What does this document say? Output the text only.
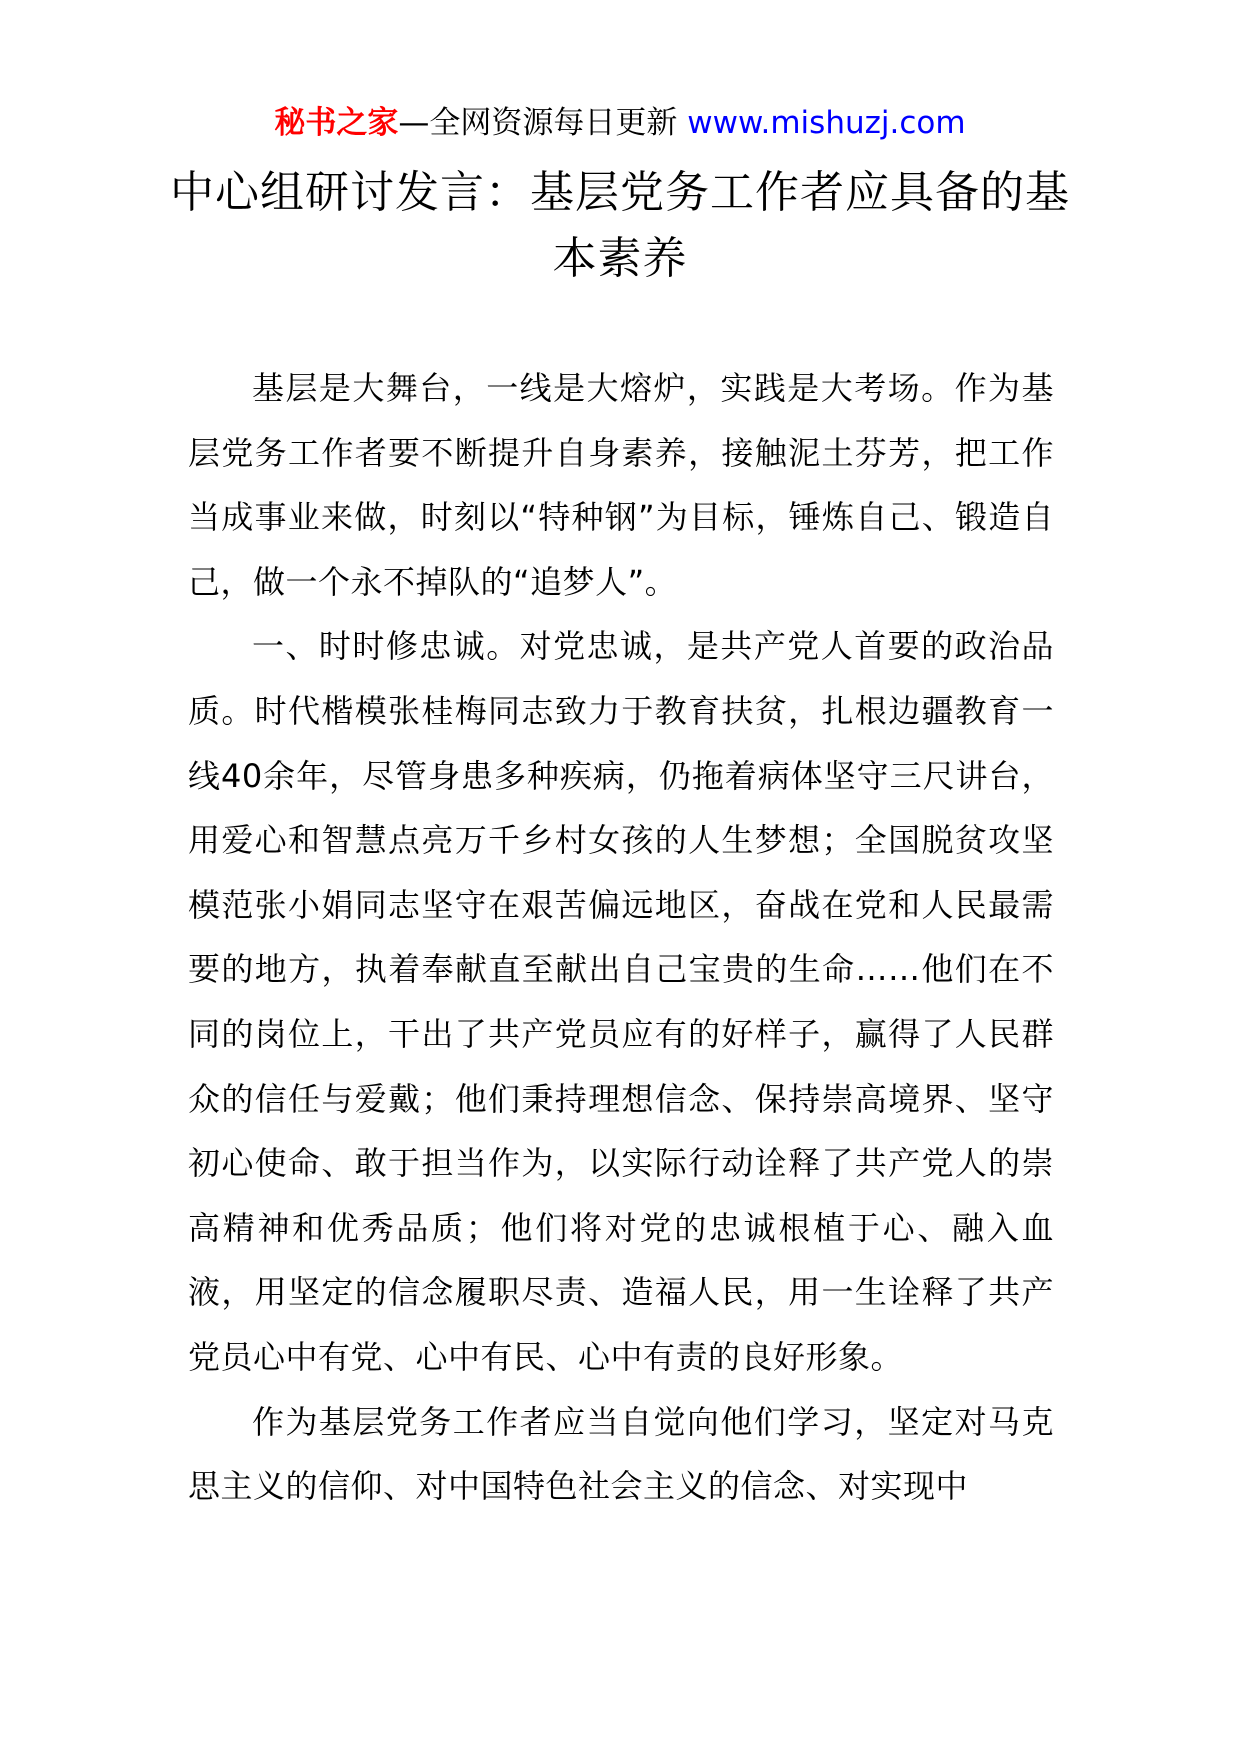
秘书之家—全网资源每日更新 www.mishuzj.com
中心组研讨发言：基层党务工作者应具备的基本素养

基层是大舞台，一线是大熔炉，实践是大考场。作为基层党务工作者要不断提升自身素养，接触泥土芬芳，把工作当成事业来做，时刻以“特种钢”为目标，锤炼自己、锻造自己，做一个永不掉队的“追梦人”。

一、时时修忠诚。对党忠诚，是共产党人首要的政治品质。时代楷模张桂梅同志致力于教育扶贫，扎根边疆教育一线40余年，尽管身患多种疾病，仍拖着病体坚守三尺讲台，用爱心和智慧点亮万千乡村女孩的人生梦想；全国脱贫攻坚模范张小娟同志坚守在艰苦偏远地区，奋战在党和人民最需要的地方，执着奉献直至献出自己宝贵的生命……他们在不同的岗位上，干出了共产党员应有的好样子，赢得了人民群众的信任与爱戴；他们秉持理想信念、保持崇高境界、坚守初心使命、敢于担当作为，以实际行动诠释了共产党人的崇高精神和优秀品质；他们将对党的忠诚根植于心、融入血液，用坚定的信念履职尽责、造福人民，用一生诠释了共产党员心中有党、心中有民、心中有责的良好形象。

作为基层党务工作者应当自觉向他们学习，坚定对马克思主义的信仰、对中国特色社会主义的信念、对实现中
